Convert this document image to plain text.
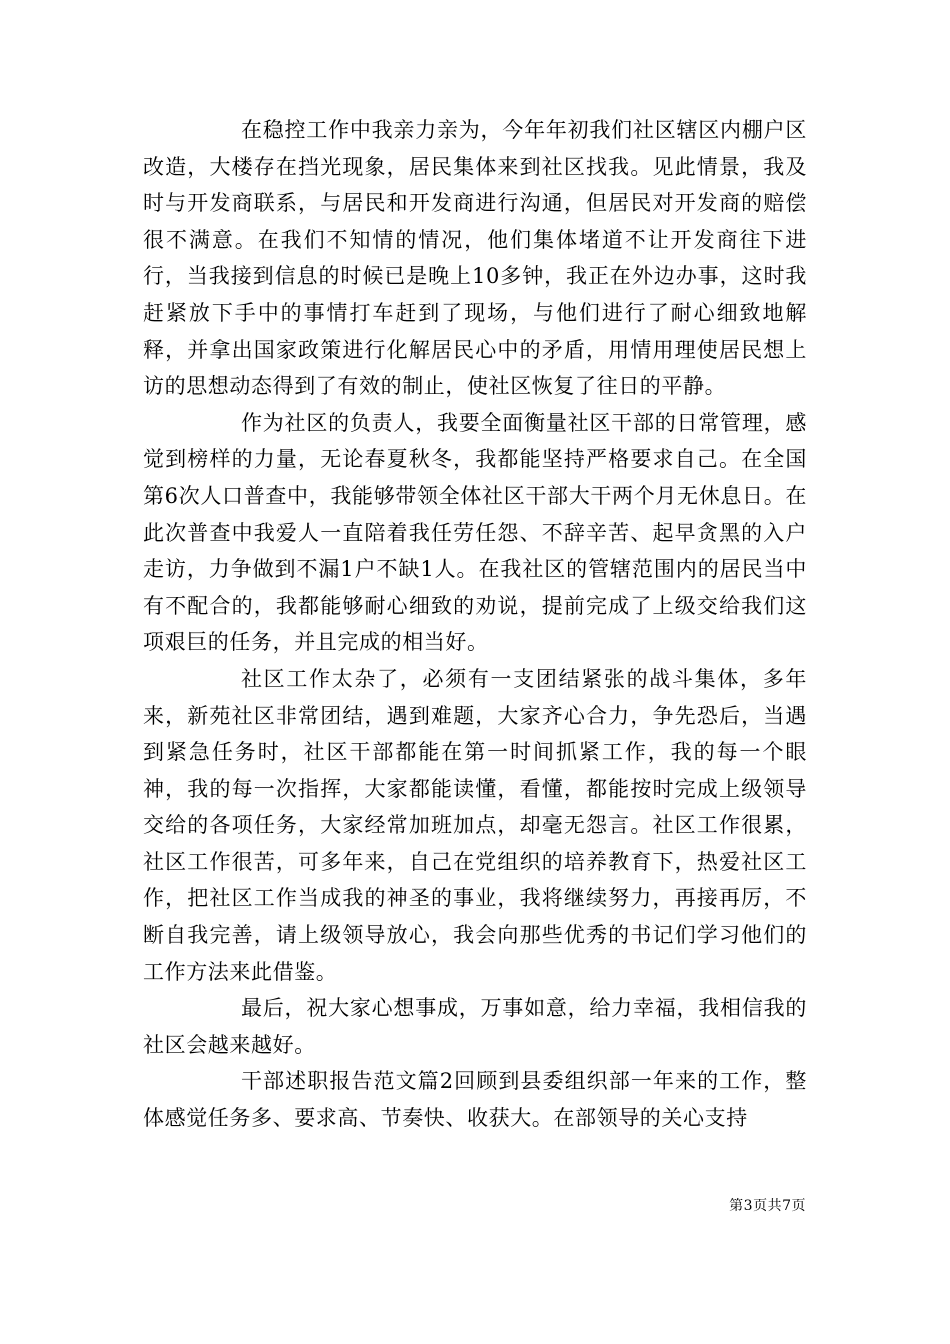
在稳控工作中我亲力亲为，今年年初我们社区辖区内棚户区改造，大楼存在挡光现象，居民集体来到社区找我。见此情景，我及时与开发商联系，与居民和开发商进行沟通，但居民对开发商的赔偿很不满意。在我们不知情的情况，他们集体堵道不让开发商往下进行，当我接到信息的时候已是晚上10多钟，我正在外边办事，这时我赶紧放下手中的事情打车赶到了现场，与他们进行了耐心细致地解释，并拿出国家政策进行化解居民心中的矛盾，用情用理使居民想上访的思想动态得到了有效的制止，使社区恢复了往日的平静。

作为社区的负责人，我要全面衡量社区干部的日常管理，感觉到榜样的力量，无论春夏秋冬，我都能坚持严格要求自己。在全国第6次人口普查中，我能够带领全体社区干部大干两个月无休息日。在此次普查中我爱人一直陪着我任劳任怨、不辞辛苦、起早贪黑的入户走访，力争做到不漏1户不缺1人。在我社区的管辖范围内的居民当中有不配合的，我都能够耐心细致的劝说，提前完成了上级交给我们这项艰巨的任务，并且完成的相当好。

社区工作太杂了，必须有一支团结紧张的战斗集体，多年来，新苑社区非常团结，遇到难题，大家齐心合力，争先恐后，当遇到紧急任务时，社区干部都能在第一时间抓紧工作，我的每一个眼神，我的每一次指挥，大家都能读懂，看懂，都能按时完成上级领导交给的各项任务，大家经常加班加点，却毫无怨言。社区工作很累，社区工作很苦，可多年来，自己在党组织的培养教育下，热爱社区工作，把社区工作当成我的神圣的事业，我将继续努力，再接再厉，不断自我完善，请上级领导放心，我会向那些优秀的书记们学习他们的工作方法来此借鉴。

最后，祝大家心想事成，万事如意，给力幸福，我相信我的社区会越来越好。

干部述职报告范文篇2回顾到县委组织部一年来的工作，整体感觉任务多、要求高、节奏快、收获大。在部领导的关心支持

第3页共7页
